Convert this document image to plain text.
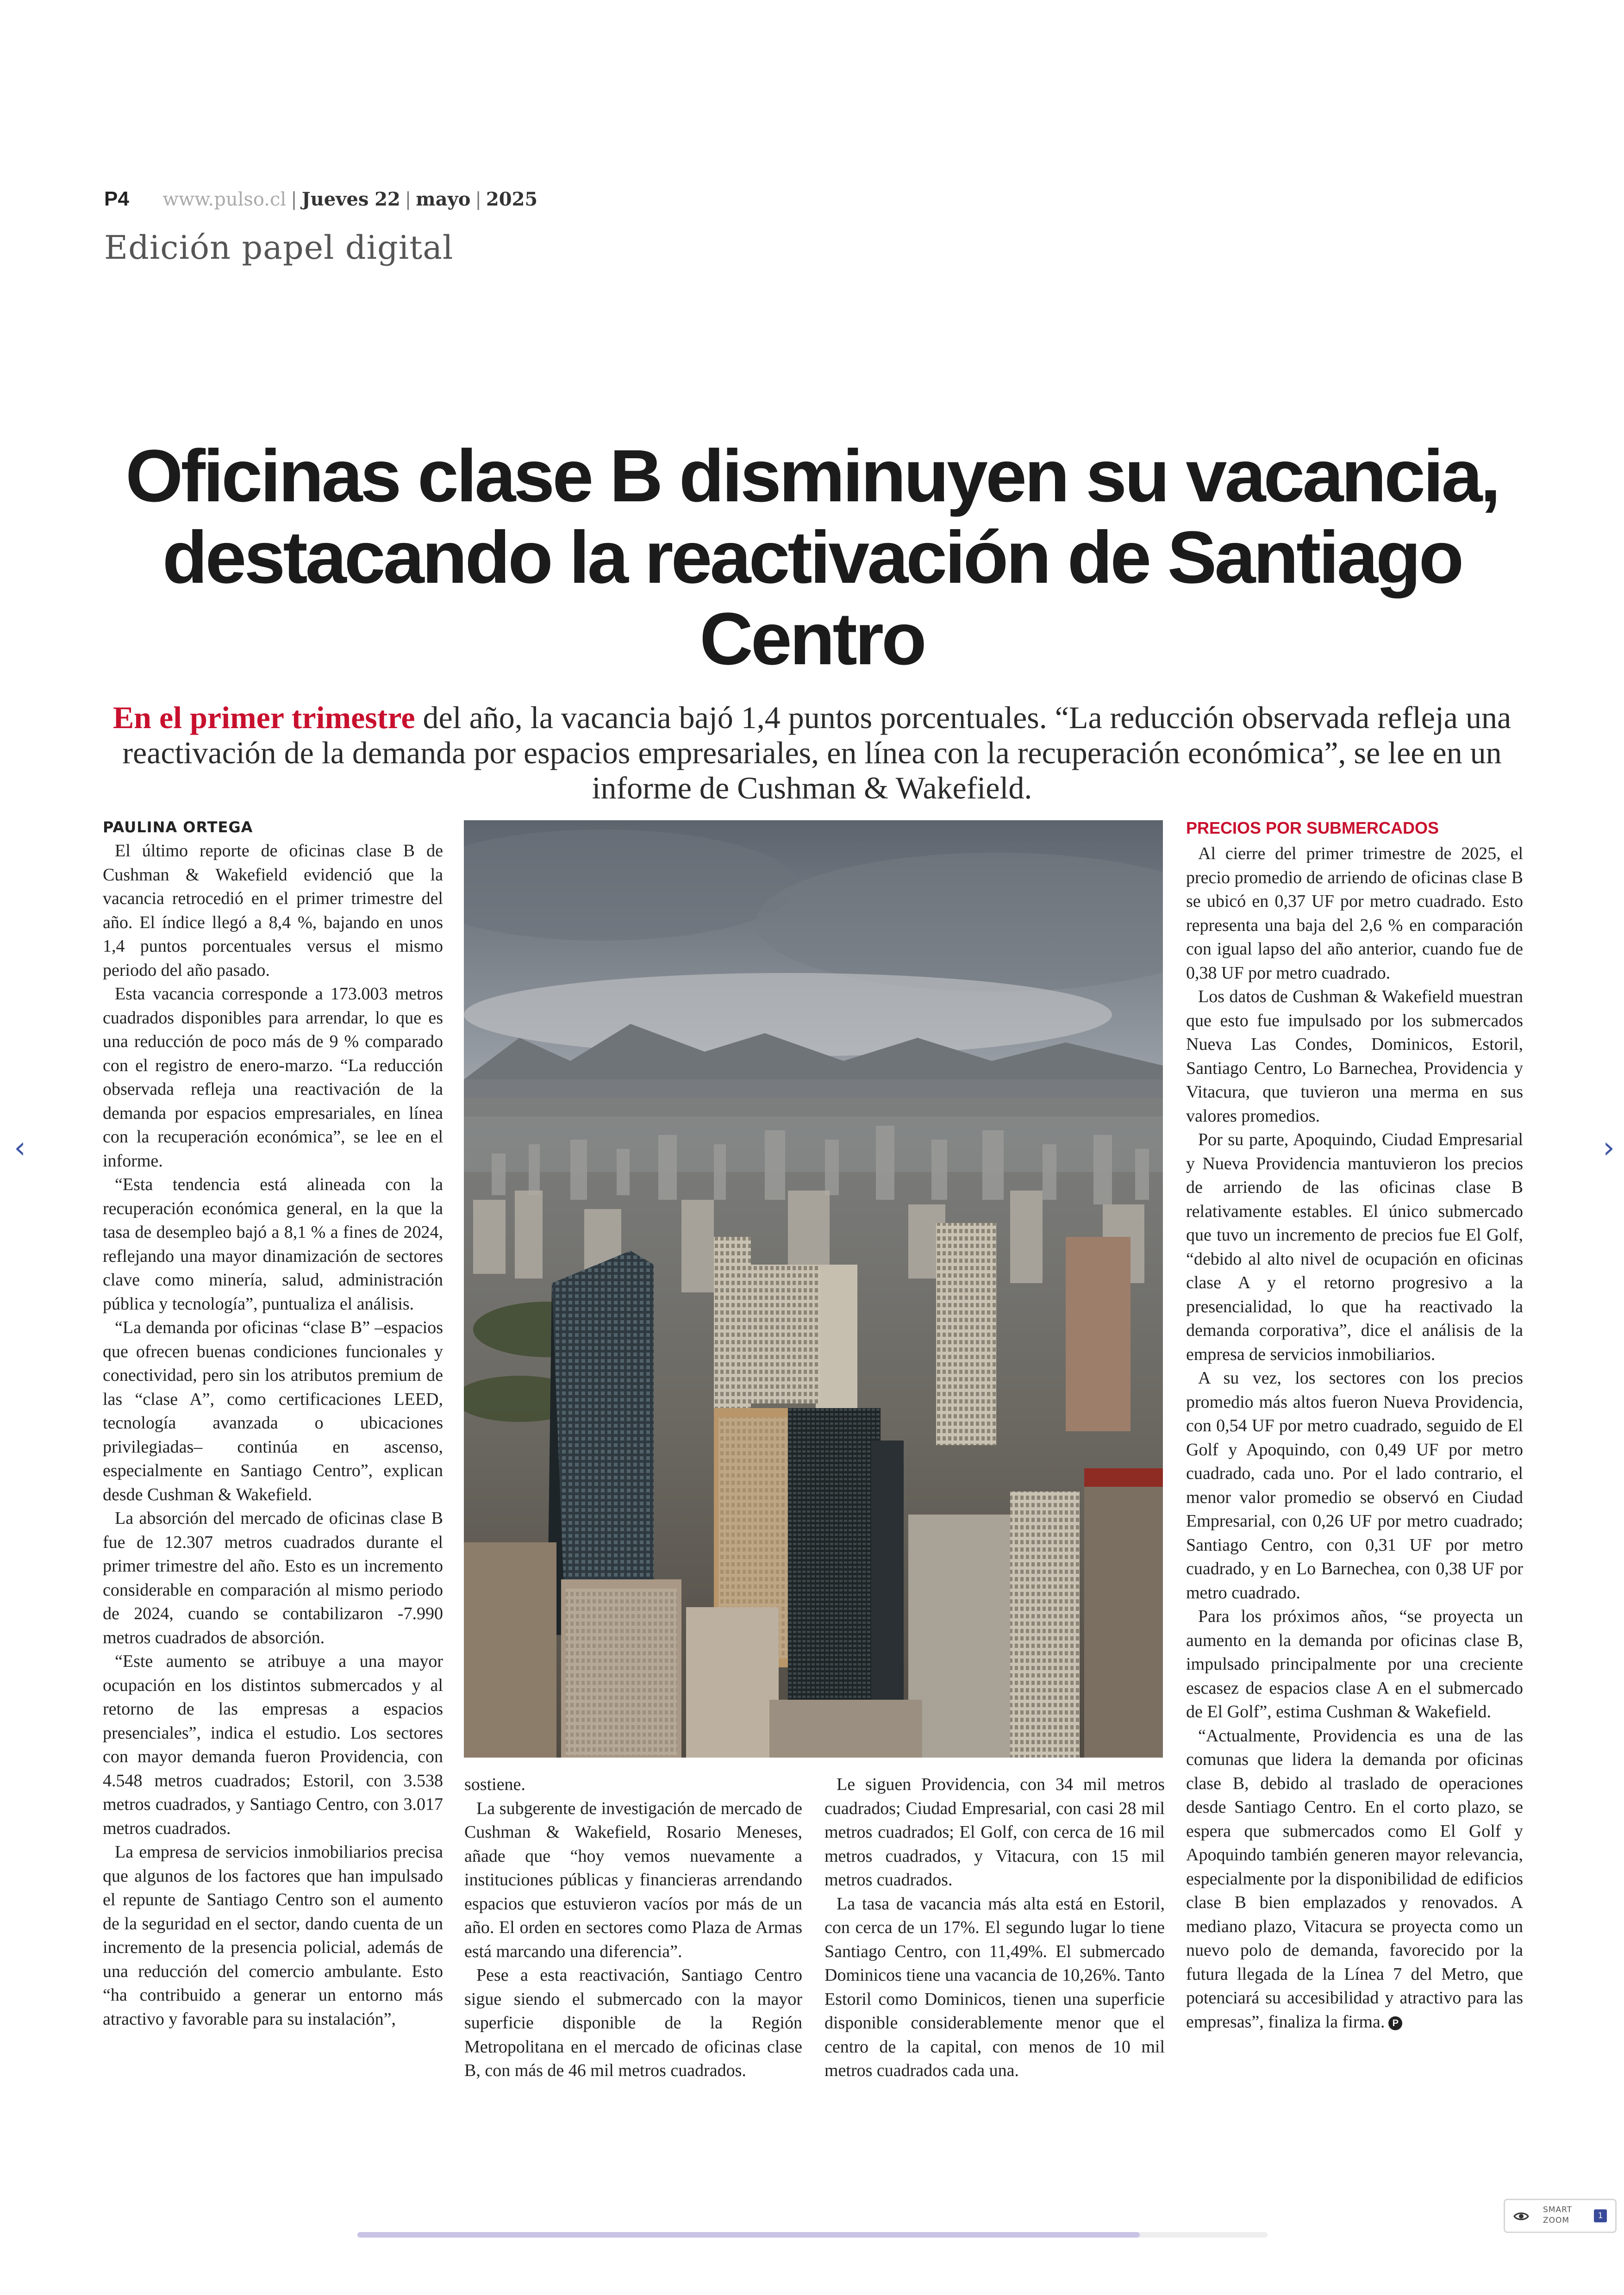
P4 www.pulso.cl | Jueves 22 | mayo | 2025
Edición papel digital
Oficinas clase B disminuyen su vacancia,
destacando la reactivación de Santiago
Centro
En el primer trimestre del año, la vacancia bajó 1,4 puntos porcentuales. “La reducción observada refleja una reactivación de la demanda por espacios empresariales, en línea con la recuperación económica”, se lee en un informe de Cushman & Wakefield.
PAULINA ORTEGA

El último reporte de oficinas clase B de Cushman & Wakefield evidenció que la vacancia retrocedió en el primer trimestre del año. El índice llegó a 8,4 %, bajando en unos 1,4 puntos porcentuales versus el mismo periodo del año pasado.

Esta vacancia corresponde a 173.003 metros cuadrados disponibles para arrendar, lo que es una reducción de poco más de 9 % comparado con el registro de enero-marzo. “La reducción observada refleja una reactivación de la demanda por espacios empresariales, en línea con la recuperación económica”, se lee en el informe.

“Esta tendencia está alineada con la recuperación económica general, en la que la tasa de desempleo bajó a 8,1 % a fines de 2024, reflejando una mayor dinamización de sectores clave como minería, salud, administración pública y tecnología”, puntualiza el análisis.

“La demanda por oficinas “clase B” –espacios que ofrecen buenas condiciones funcionales y conectividad, pero sin los atributos premium de las “clase A”, como certificaciones LEED, tecnología avanzada o ubicaciones privilegiadas– continúa en ascenso, especialmente en Santiago Centro”, explican desde Cushman & Wakefield.

La absorción del mercado de oficinas clase B fue de 12.307 metros cuadrados durante el primer trimestre del año. Esto es un incremento considerable en comparación al mismo periodo de 2024, cuando se contabilizaron -7.990 metros cuadrados de absorción.

“Este aumento se atribuye a una mayor ocupación en los distintos submercados y al retorno de las empresas a espacios presenciales”, indica el estudio. Los sectores con mayor demanda fueron Providencia, con 4.548 metros cuadrados; Estoril, con 3.538 metros cuadrados, y Santiago Centro, con 3.017 metros cuadrados.

La empresa de servicios inmobiliarios precisa que algunos de los factores que han impulsado el repunte de Santiago Centro son el aumento de la seguridad en el sector, dando cuenta de un incremento de la presencia policial, además de una reducción del comercio ambulante. Esto “ha contribuido a generar un entorno más atractivo y favorable para su instalación”,

sostiene.

La subgerente de investigación de mercado de Cushman & Wakefield, Rosario Meneses, añade que “hoy vemos nuevamente a instituciones públicas y financieras arrendando espacios que estuvieron vacíos por más de un año. El orden en sectores como Plaza de Armas está marcando una diferencia”.

Pese a esta reactivación, Santiago Centro sigue siendo el submercado con la mayor superficie disponible de la Región Metropolitana en el mercado de oficinas clase B, con más de 46 mil metros cuadrados.

Le siguen Providencia, con 34 mil metros cuadrados; Ciudad Empresarial, con casi 28 mil metros cuadrados; El Golf, con cerca de 16 mil metros cuadrados, y Vitacura, con 15 mil metros cuadrados.

La tasa de vacancia más alta está en Estoril, con cerca de un 17%. El segundo lugar lo tiene Santiago Centro, con 11,49%. El submercado Dominicos tiene una vacancia de 10,26%. Tanto Estoril como Dominicos, tienen una superficie disponible considerablemente menor que el centro de la capital, con menos de 10 mil metros cuadrados cada una.

PRECIOS POR SUBMERCADOS

Al cierre del primer trimestre de 2025, el precio promedio de arriendo de oficinas clase B se ubicó en 0,37 UF por metro cuadrado. Esto representa una baja del 2,6 % en comparación con igual lapso del año anterior, cuando fue de 0,38 UF por metro cuadrado.

Los datos de Cushman & Wakefield muestran que esto fue impulsado por los submercados Nueva Las Condes, Dominicos, Estoril, Santiago Centro, Lo Barnechea, Providencia y Vitacura, que tuvieron una merma en sus valores promedios.

Por su parte, Apoquindo, Ciudad Empresarial y Nueva Providencia mantuvieron los precios de arriendo de las oficinas clase B relativamente estables. El único submercado que tuvo un incremento de precios fue El Golf, “debido al alto nivel de ocupación en oficinas clase A y el retorno progresivo a la presencialidad, lo que ha reactivado la demanda corporativa”, dice el análisis de la empresa de servicios inmobiliarios.

A su vez, los sectores con los precios promedio más altos fueron Nueva Providencia, con 0,54 UF por metro cuadrado, seguido de El Golf y Apoquindo, con 0,49 UF por metro cuadrado, cada uno. Por el lado contrario, el menor valor promedio se observó en Ciudad Empresarial, con 0,26 UF por metro cuadrado; Santiago Centro, con 0,31 UF por metro cuadrado, y en Lo Barnechea, con 0,38 UF por metro cuadrado.

Para los próximos años, “se proyecta un aumento en la demanda por oficinas clase B, impulsado principalmente por una creciente escasez de espacios clase A en el submercado de El Golf”, estima Cushman & Wakefield.

“Actualmente, Providencia es una de las comunas que lidera la demanda por oficinas clase B, debido al traslado de operaciones desde Santiago Centro. En el corto plazo, se espera que submercados como El Golf y Apoquindo también generen mayor relevancia, especialmente por la disponibilidad de edificios clase B bien emplazados y renovados. A mediano plazo, Vitacura se proyecta como un nuevo polo de demanda, favorecido por la futura llegada de la Línea 7 del Metro, que potenciará su accesibilidad y atractivo para las empresas”, finaliza la firma. P

‹	›
SMART
ZOOM	1
